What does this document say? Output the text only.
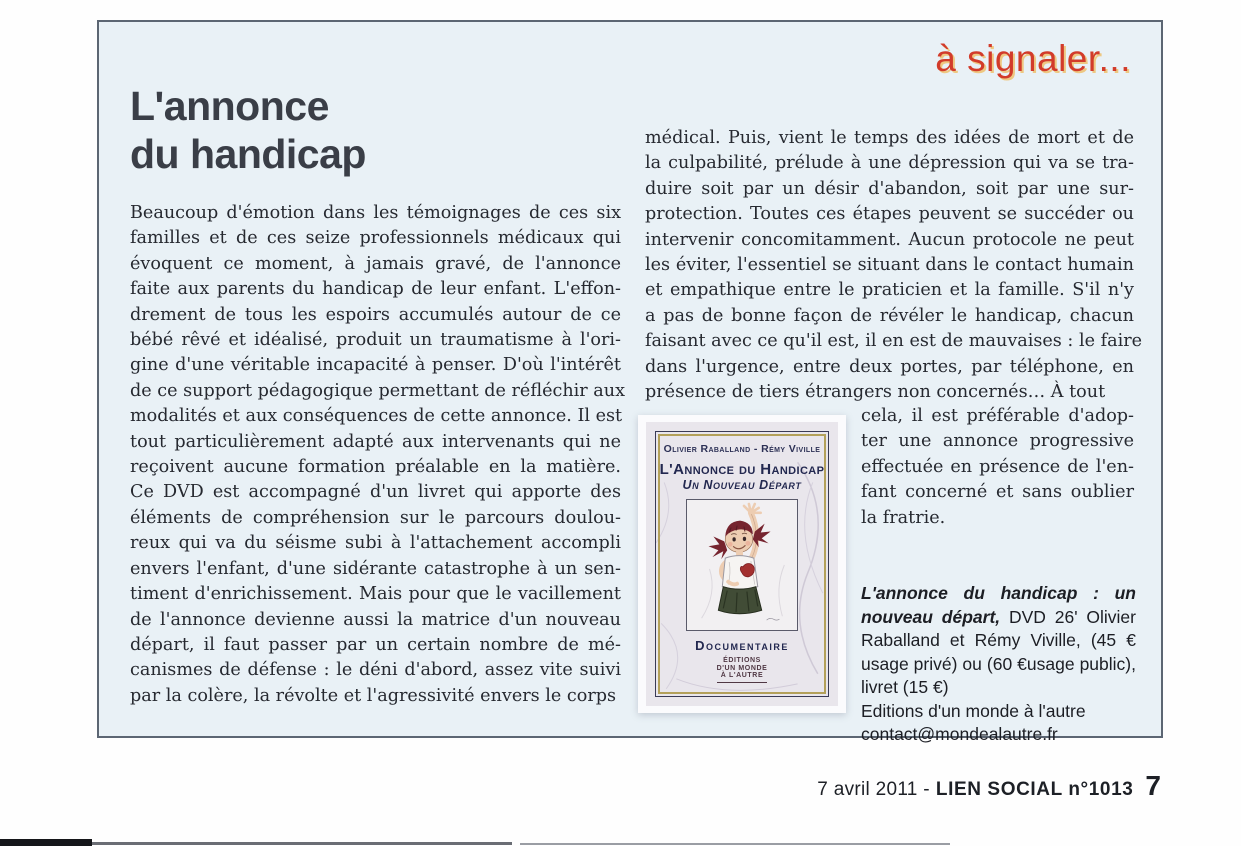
à signaler...
L'annonce
du handicap
Beaucoup d'émotion dans les témoignages de ces six
familles et de ces seize professionnels médicaux qui
évoquent ce moment, à jamais gravé, de l'annonce
faite aux parents du handicap de leur enfant. L'effon-
drement de tous les espoirs accumulés autour de ce
bébé rêvé et idéalisé, produit un traumatisme à l'ori-
gine d'une véritable incapacité à penser. D'où l'intérêt
de ce support pédagogique permettant de réfléchir aux
modalités et aux conséquences de cette annonce. Il est
tout particulièrement adapté aux intervenants qui ne
reçoivent aucune formation préalable en la matière.
Ce DVD est accompagné d'un livret qui apporte des
éléments de compréhension sur le parcours doulou-
reux qui va du séisme subi à l'attachement accompli
envers l'enfant, d'une sidérante catastrophe à un sen-
timent d'enrichissement. Mais pour que le vacillement
de l'annonce devienne aussi la matrice d'un nouveau
départ, il faut passer par un certain nombre de mé-
canismes de défense : le déni d'abord, assez vite suivi
par la colère, la révolte et l'agressivité envers le corps
médical. Puis, vient le temps des idées de mort et de
la culpabilité, prélude à une dépression qui va se tra-
duire soit par un désir d'abandon, soit par une sur-
protection. Toutes ces étapes peuvent se succéder ou
intervenir concomitamment. Aucun protocole ne peut
les éviter, l'essentiel se situant dans le contact humain
et empathique entre le praticien et la famille. S'il n'y
a pas de bonne façon de révéler le handicap, chacun
faisant avec ce qu'il est, il en est de mauvaises : le faire
dans l'urgence, entre deux portes, par téléphone, en
présence de tiers étrangers non concernés… À tout
cela, il est préférable d'adop-
ter une annonce progressive
effectuée en présence de l'en-
fant concerné et sans oublier
la fratrie.
Olivier Raballand - Rémy Viville
L'Annonce du Handicap
Un Nouveau Départ
Documentaire
ÉDITIONS
D'UN MONDE
À L'AUTRE

L'annonce du handicap : un nouveau départ, DVD 26' Olivier Raballand et Rémy Viville, (45 € usage privé) ou (60 €usage public), livret (15 €)

Editions d'un monde à l'autre
contact@mondealautre.fr
7 avril 2011 - LIEN SOCIAL n°1013 7
